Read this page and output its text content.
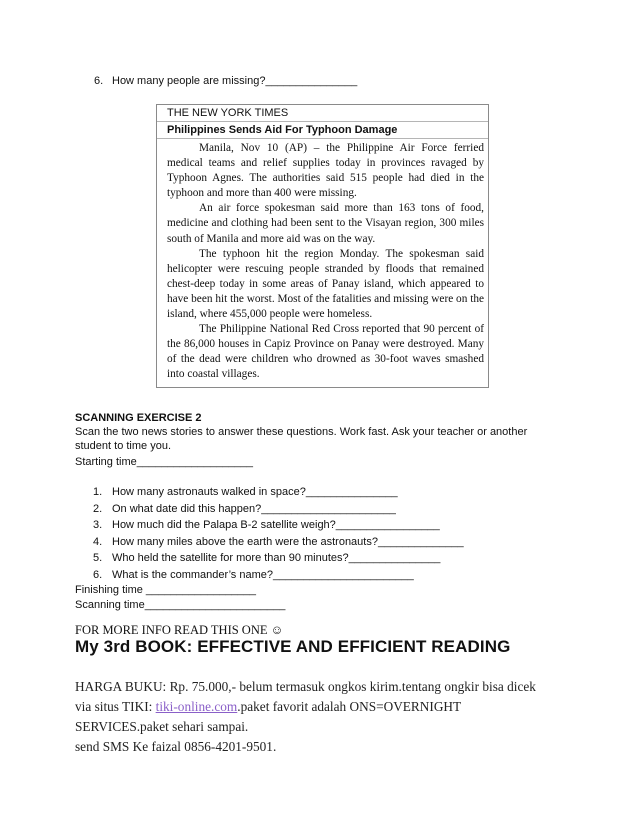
6. How many people are missing?_______________
THE NEW YORK TIMES
Philippines Sends Aid For Typhoon Damage

Manila, Nov 10 (AP) – the Philippine Air Force ferried medical teams and relief supplies today in provinces ravaged by Typhoon Agnes. The authorities said 515 people had died in the typhoon and more than 400 were missing.

An air force spokesman said more than 163 tons of food, medicine and clothing had been sent to the Visayan region, 300 miles south of Manila and more aid was on the way.

The typhoon hit the region Monday. The spokesman said helicopter were rescuing people stranded by floods that remained chest-deep today in some areas of Panay island, which appeared to have been hit the worst. Most of the fatalities and missing were on the island, where 455,000 people were homeless.

The Philippine National Red Cross reported that 90 percent of the 86,000 houses in Capiz Province on Panay were destroyed. Many of the dead were children who drowned as 30-foot waves smashed into coastal villages.

SCANNING EXERCISE 2
Scan the two news stories to answer these questions. Work fast. Ask your teacher or another student to time you.
Starting time___________________
1. How many astronauts walked in space?_______________
2. On what date did this happen?______________________
3. How much did the Palapa B-2 satellite weigh?_________________
4. How many miles above the earth were the astronauts?______________
5. Who held the satellite for more than 90 minutes?_______________
6. What is the commander’s name?_______________________
Finishing time __________________
Scanning time_______________________
FOR MORE INFO READ THIS ONE ☺
My 3rd BOOK: EFFECTIVE AND EFFICIENT READING
HARGA BUKU: Rp. 75.000,- belum termasuk ongkos kirim.tentang ongkir bisa dicek
via situs TIKI: tiki-online.com.paket favorit adalah ONS=OVERNIGHT
SERVICES.paket sehari sampai.
send SMS Ke faizal 0856-4201-9501.
